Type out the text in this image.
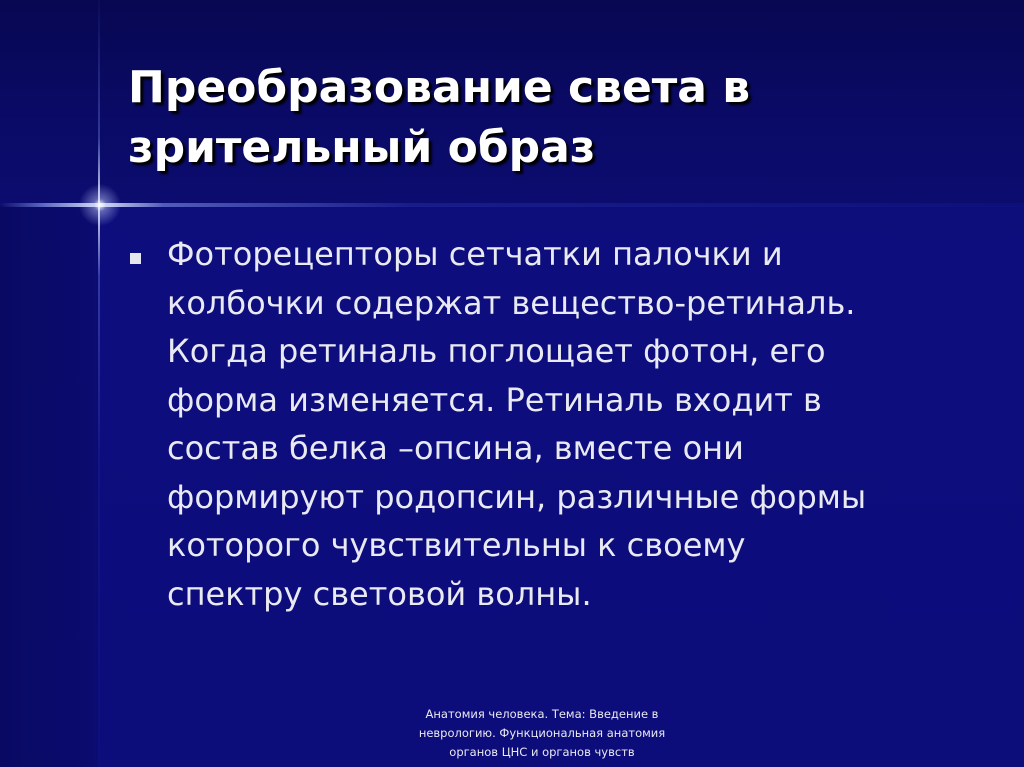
Преобразование света в
зрительный образ

Фоторецепторы сетчатки палочки и
колбочки содержат вещество-ретиналь.
Когда ретиналь поглощает фотон, его
форма изменяется. Ретиналь входит в
состав белка –опсина, вместе они
формируют родопсин, различные формы
которого чувствительны к своему
спектру световой волны.

Анатомия человека. Тема: Введение в
неврологию. Функциональная анатомия
органов ЦНС и органов чувств
